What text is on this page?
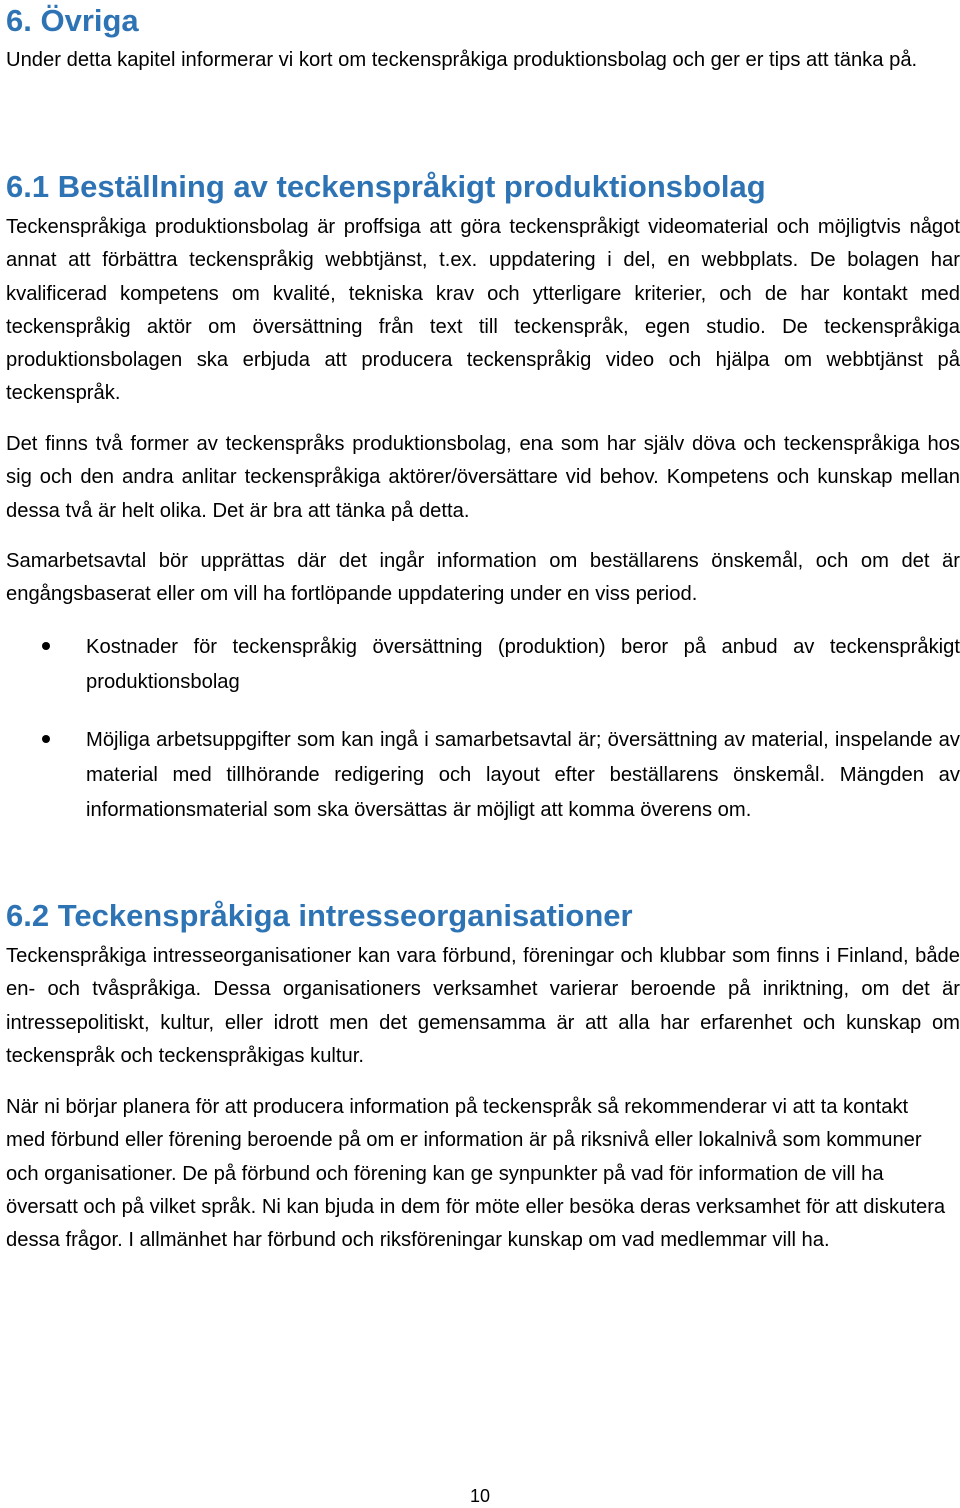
6. Övriga

Under detta kapitel informerar vi kort om teckenspråkiga produktionsbolag och ger er tips att tänka på.

6.1 Beställning av teckenspråkigt produktionsbolag

Teckenspråkiga produktionsbolag är proffsiga att göra teckenspråkigt videomaterial och möjligtvis något annat att förbättra teckenspråkig webbtjänst, t.ex. uppdatering i del, en webbplats. De bolagen har kvalificerad kompetens om kvalité, tekniska krav och ytterligare kriterier, och de har kontakt med teckenspråkig aktör om översättning från text till teckenspråk, egen studio. De teckenspråkiga produktionsbolagen ska erbjuda att producera teckenspråkig video och hjälpa om webbtjänst på teckenspråk.

Det finns två former av teckenspråks produktionsbolag, ena som har själv döva och teckenspråkiga hos sig och den andra anlitar teckenspråkiga aktörer/översättare vid behov. Kompetens och kunskap mellan dessa två är helt olika. Det är bra att tänka på detta.

Samarbetsavtal bör upprättas där det ingår information om beställarens önskemål, och om det är engångsbaserat eller om vill ha fortlöpande uppdatering under en viss period.

Kostnader för teckenspråkig översättning (produktion) beror på anbud av teckenspråkigt produktionsbolag

Möjliga arbetsuppgifter som kan ingå i samarbetsavtal är; översättning av material, inspelande av material med tillhörande redigering och layout efter beställarens önskemål. Mängden av informationsmaterial som ska översättas är möjligt att komma överens om.

6.2 Teckenspråkiga intresseorganisationer

Teckenspråkiga intresseorganisationer kan vara förbund, föreningar och klubbar som finns i Finland, både en- och tvåspråkiga. Dessa organisationers verksamhet varierar beroende på inriktning, om det är intressepolitiskt, kultur, eller idrott men det gemensamma är att alla har erfarenhet och kunskap om teckenspråk och teckenspråkigas kultur.

När ni börjar planera för att producera information på teckenspråk så rekommenderar vi att ta kontakt med förbund eller förening beroende på om er information är på riksnivå eller lokalnivå som kommuner och organisationer. De på förbund och förening kan ge synpunkter på vad för information de vill ha översatt och på vilket språk. Ni kan bjuda in dem för möte eller besöka deras verksamhet för att diskutera dessa frågor. I allmänhet har förbund och riksföreningar kunskap om vad medlemmar vill ha.

10
